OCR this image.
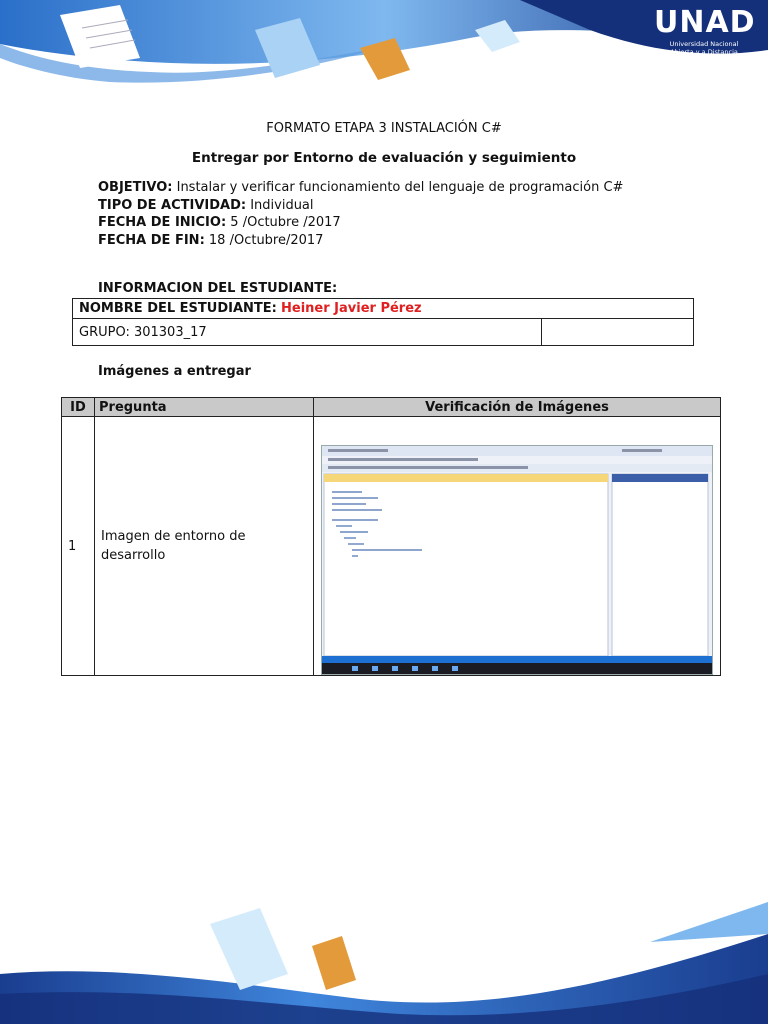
UNAD
Universidad Nacional
Abierta y a Distancia
FORMATO ETAPA 3 INSTALACIÓN C#
Entregar por Entorno de evaluación y seguimiento
OBJETIVO: Instalar y verificar funcionamiento del lenguaje de programación C#
TIPO DE ACTIVIDAD: Individual
FECHA DE INICIO: 5 /Octubre /2017
FECHA DE FIN: 18 /Octubre/2017
INFORMACION DEL ESTUDIANTE:
NOMBRE DEL ESTUDIANTE: Heiner Javier Pérez
GRUPO: 301303_17	
Imágenes a entregar
ID	Pregunta	Verificación de Imágenes
1	Imagen de entorno de desarrollo	
